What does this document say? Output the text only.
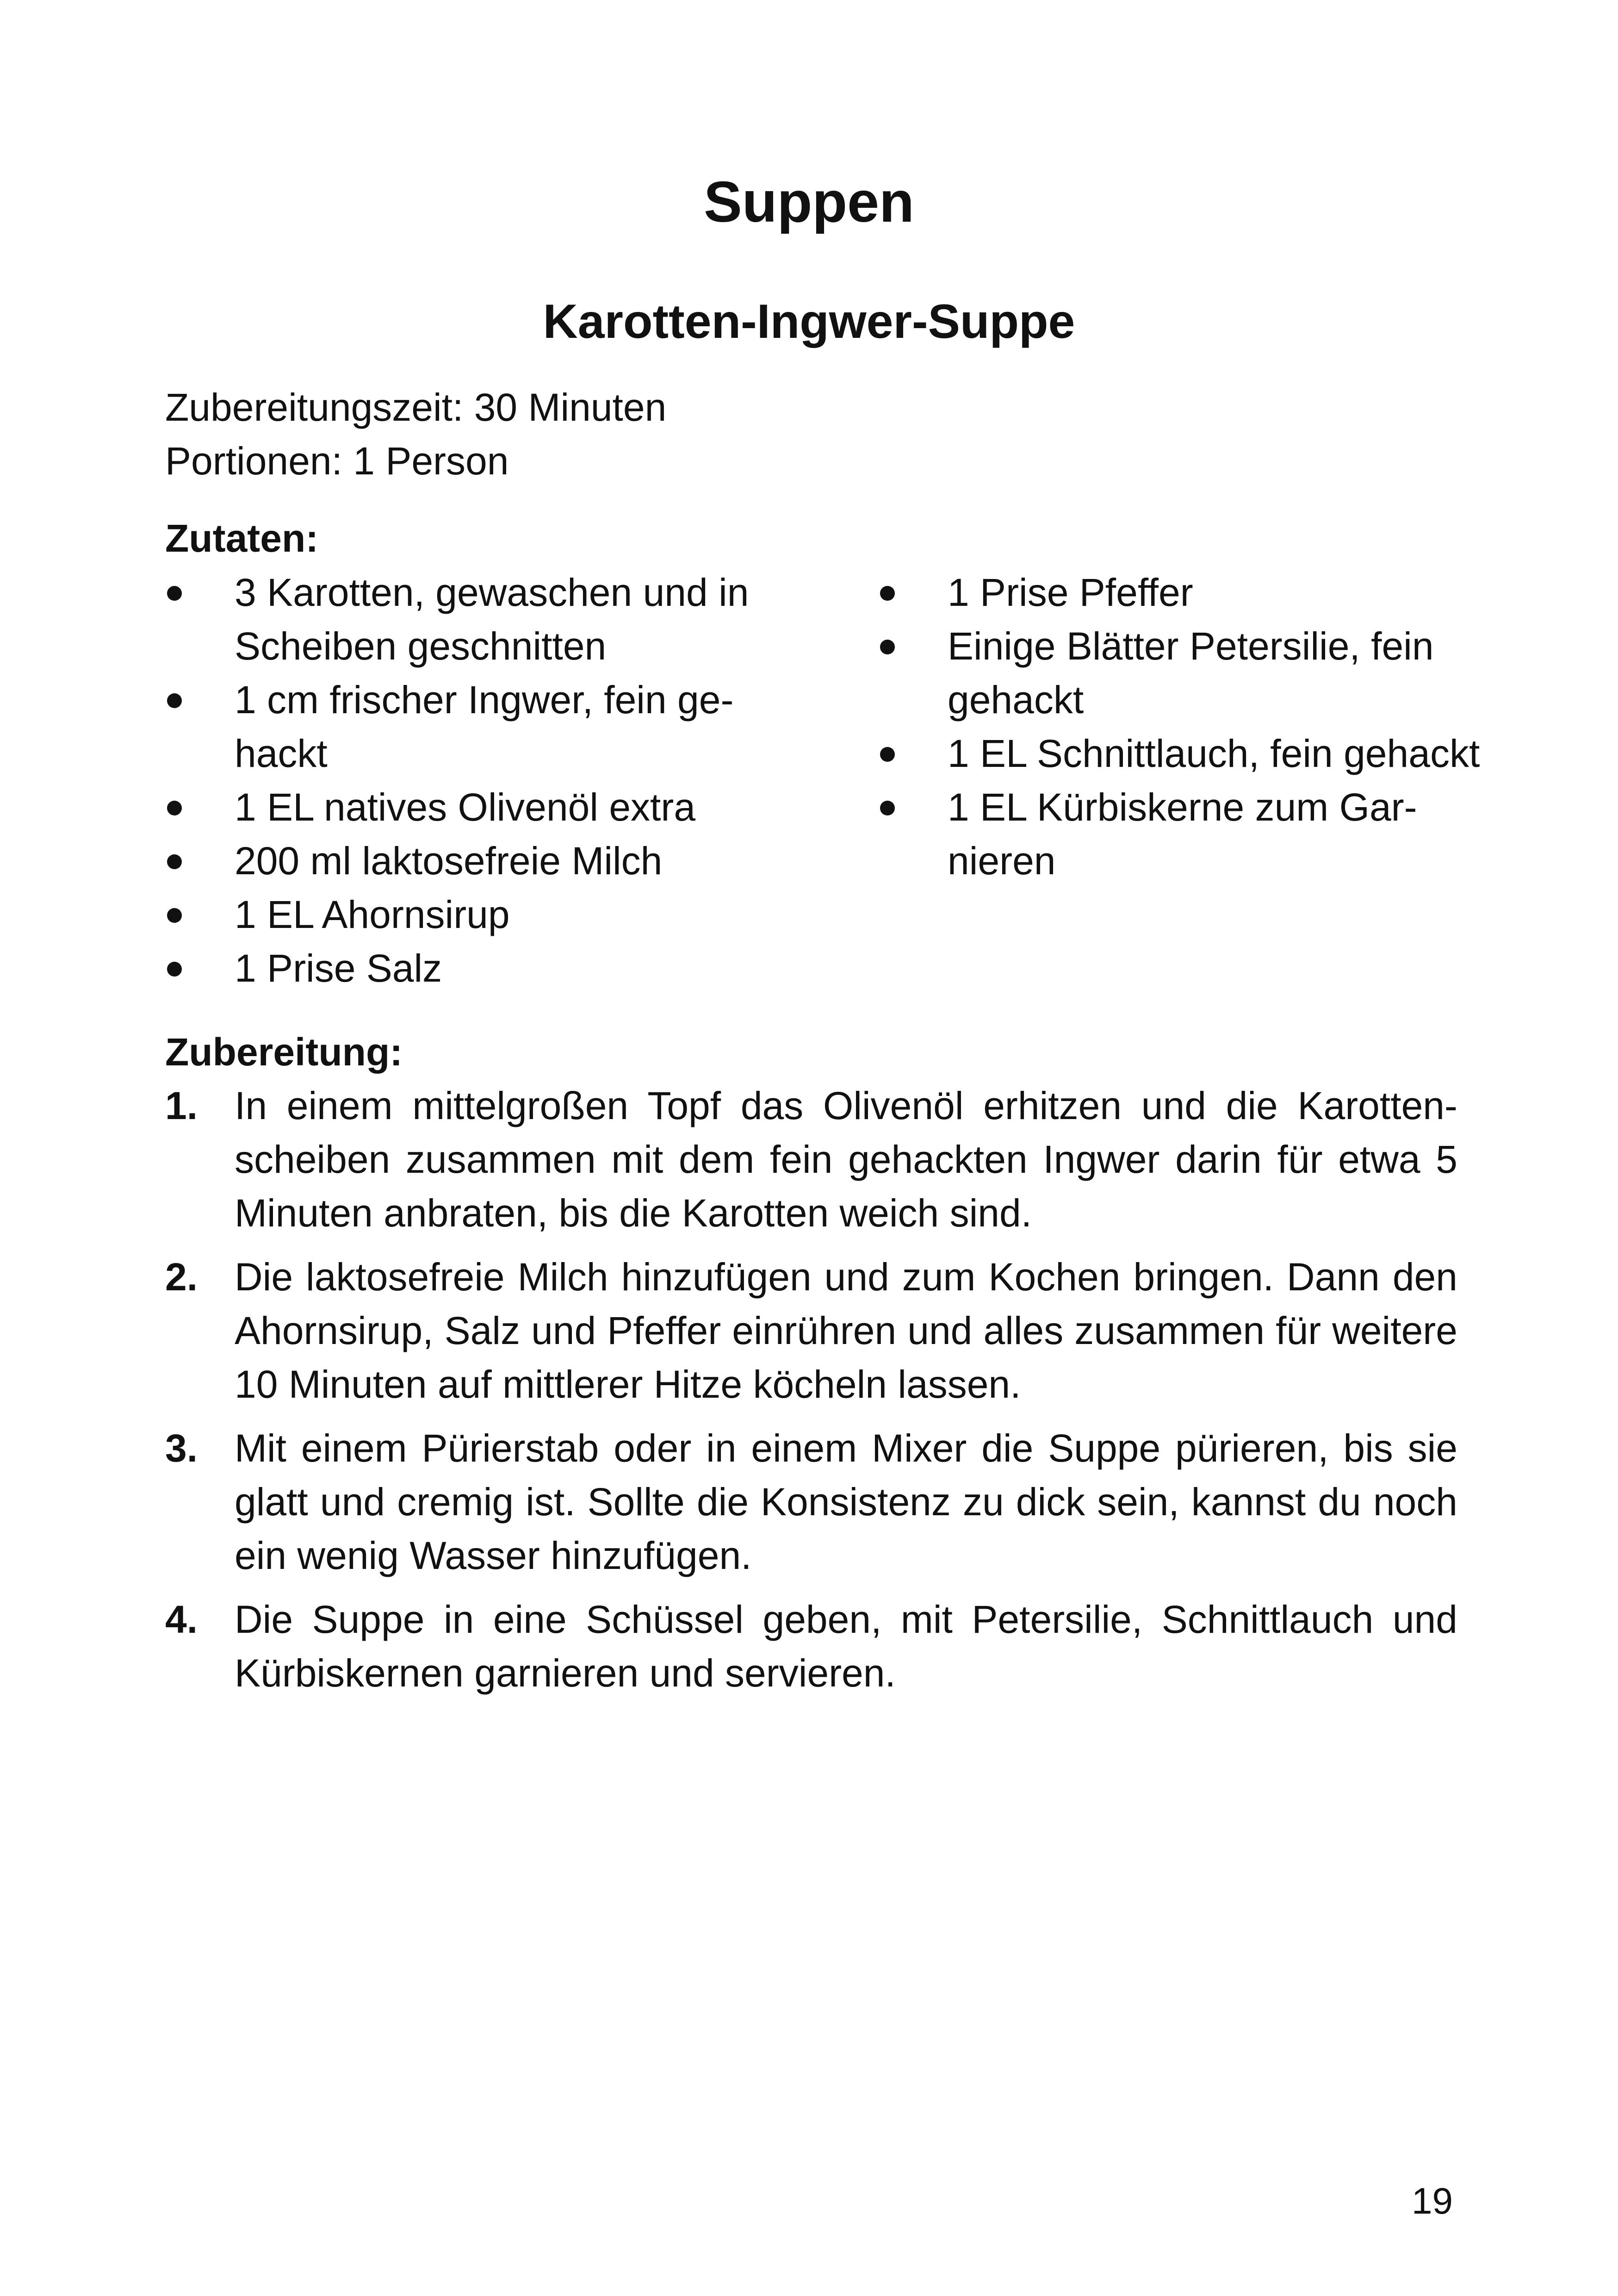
Suppen
Karotten-Ingwer-Suppe
Zubereitungszeit: 30 Minuten
Portionen: 1 Person
Zutaten:
3 Karotten, gewaschen und in Scheiben geschnitten
1 cm frischer Ingwer, fein gehackt
1 EL natives Olivenöl extra
200 ml laktosefreie Milch
1 EL Ahornsirup
1 Prise Salz
1 Prise Pfeffer
Einige Blätter Petersilie, fein gehackt
1 EL Schnittlauch, fein gehackt
1 EL Kürbiskerne zum Garnieren
Zubereitung:
1. In einem mittelgroßen Topf das Olivenöl erhitzen und die Karottenscheiben zusammen mit dem fein gehackten Ingwer darin für etwa 5 Minuten anbraten, bis die Karotten weich sind.
2. Die laktosefreie Milch hinzufügen und zum Kochen bringen. Dann den Ahornsirup, Salz und Pfeffer einrühren und alles zusammen für weitere 10 Minuten auf mittlerer Hitze köcheln lassen.
3. Mit einem Pürierstab oder in einem Mixer die Suppe pürieren, bis sie glatt und cremig ist. Sollte die Konsistenz zu dick sein, kannst du noch ein wenig Wasser hinzufügen.
4. Die Suppe in eine Schüssel geben, mit Petersilie, Schnittlauch und Kürbiskernen garnieren und servieren.
19
